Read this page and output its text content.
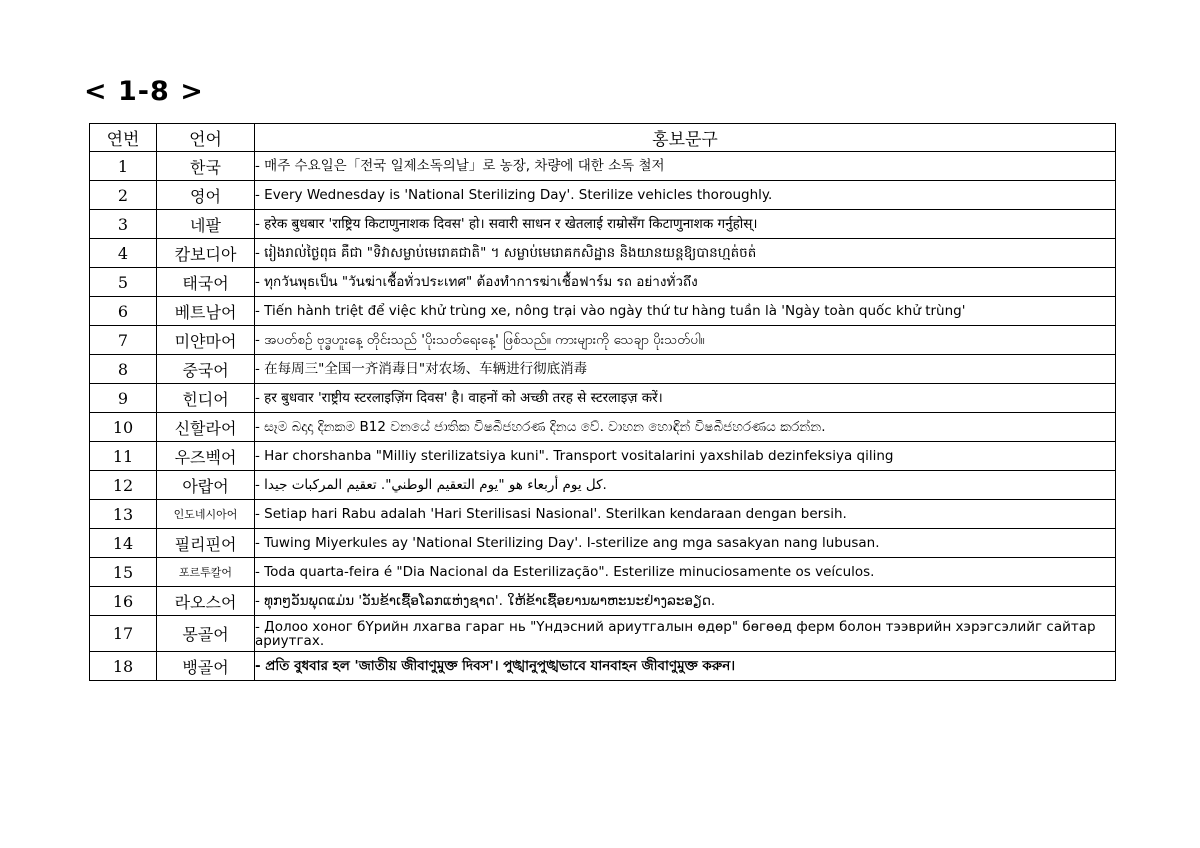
< 1-8 >
연번	언어	홍보문구
1	한국	- 매주 수요일은「전국 일제소독의날」로 농장, 차량에 대한 소독 철저
2	영어	- Every Wednesday is 'National Sterilizing Day'. Sterilize vehicles thoroughly.
3	네팔	- हरेक बुधबार 'राष्ट्रिय किटाणुनाशक दिवस' हो। सवारी साधन र खेतलाई राम्रोसँग किटाणुनाशक गर्नुहोस्।
4	캄보디아	- រៀងរាល់ថ្ងៃពុធ គឺជា "ទិវាសម្លាប់មេរោគជាតិ" ។ សម្លាប់មេរោគកសិដ្ឋាន និងយានយន្តឱ្យបានហ្មត់ចត់
5	태국어	- ทุกวันพุธเป็น "วันฆ่าเชื้อทั่วประเทศ" ต้องทำการฆ่าเชื้อฟาร์ม รถ อย่างทั่วถึง
6	베트남어	- Tiến hành triệt để việc khử trùng xe, nông trại vào ngày thứ tư hàng tuần là 'Ngày toàn quốc khử trùng'
7	미얀마어	- အပတ်စဉ် ဗုဒ္ဓဟူးနေ့ တိုင်းသည် 'ပိုးသတ်ရေးနေ့' ဖြစ်သည်။ ကားများကို သေချာ ပိုးသတ်ပါ။
8	중국어	- 在每周三"全国一齐消毒日"对农场、车辆进行彻底消毒
9	힌디어	- हर बुधवार 'राष्ट्रीय स्टरलाइज़िंग दिवस' है। वाहनों को अच्छी तरह से स्टरलाइज़ करें।
10	신할라어	- සෑම බදාදා දිනකම B12 වනයේ ජාතික විෂබීජහරණ දිනය වේ. වාහන හොඳින් විෂබීජහරණය කරන්න.
11	우즈벡어	- Har chorshanba "Milliy sterilizatsiya kuni". Transport vositalarini yaxshilab dezinfeksiya qiling
12	아랍어	- كل يوم أربعاء هو "يوم التعقيم الوطني". تعقيم المركبات جيدا.
13	인도네시아어	- Setiap hari Rabu adalah 'Hari Sterilisasi Nasional'. Sterilkan kendaraan dengan bersih.
14	필리핀어	- Tuwing Miyerkules ay 'National Sterilizing Day'. I-sterilize ang mga sasakyan nang lubusan.
15	포르투칼어	- Toda quarta-feira é "Dia Nacional da Esterilização". Esterilize minuciosamente os veículos.
16	라오스어	- ທຸກໆວັນພຸດແມ່ນ 'ວັນຂ້າເຊື້ອໂລກແຫ່ງຊາດ'. ໃຫ້ຂ້າເຊື້ອຍານພາຫະນະຢ່າງລະອຽດ.
17	몽골어	- Долоо хоног бҮрийн лхагва гараг нь "Үндэсний ариутгалын өдөр" бөгөөд ферм болон тээврийн хэрэгсэлийг сайтар ариутгах.
18	뱅골어	- প্রতি বুধবার হল 'জাতীয় জীবাণুমুক্ত দিবস'। পুঙ্খানুপুঙ্খভাবে যানবাহন জীবাণুমুক্ত করুন।
